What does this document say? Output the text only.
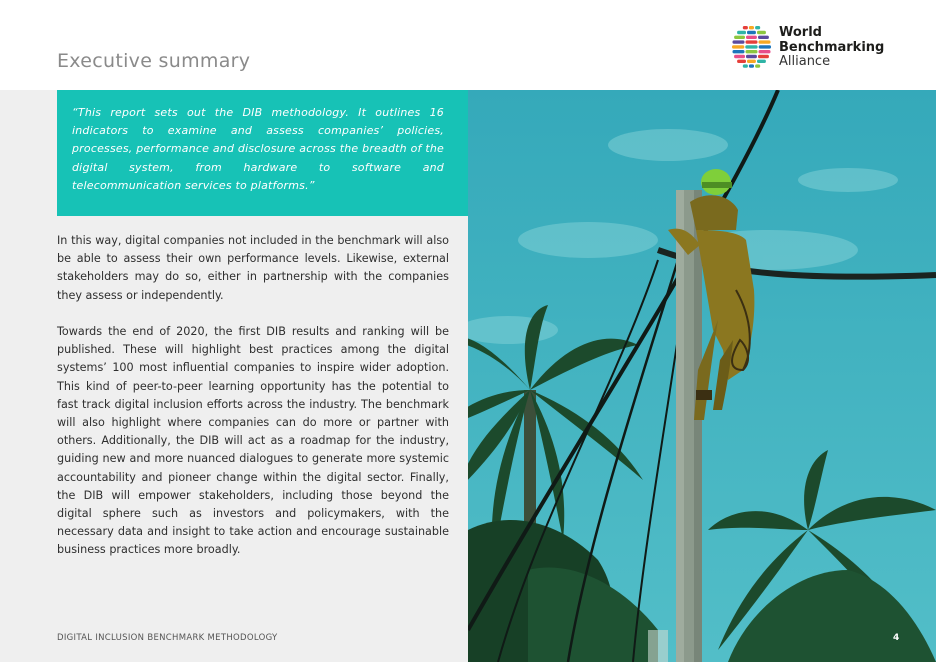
Executive summary
World
Benchmarking
Alliance

“This report sets out the DIB methodology. It outlines 16 indicators to examine and assess companies’ policies, processes, performance and disclosure across the breadth of the digital system, from hardware to software and telecommunication services to platforms.”

In this way, digital companies not included in the benchmark will also be able to assess their own performance levels. Likewise, external stakeholders may do so, either in partnership with the companies they assess or independently.

Towards the end of 2020, the first DIB results and ranking will be published. These will highlight best practices among the digital systems’ 100 most influential companies to inspire wider adoption. This kind of peer-to-peer learning opportunity has the potential to fast track digital inclusion efforts across the industry. The benchmark will also highlight where companies can do more or partner with others. Additionally, the DIB will act as a roadmap for the industry, guiding new and more nuanced dialogues to generate more systemic accountability and pioneer change within the digital sector. Finally, the DIB will empower stakeholders, including those beyond the digital sphere such as investors and policymakers, with the necessary data and insight to take action and encourage sustainable business practices more broadly.

DIGITAL INCLUSION BENCHMARK METHODOLOGY	4
